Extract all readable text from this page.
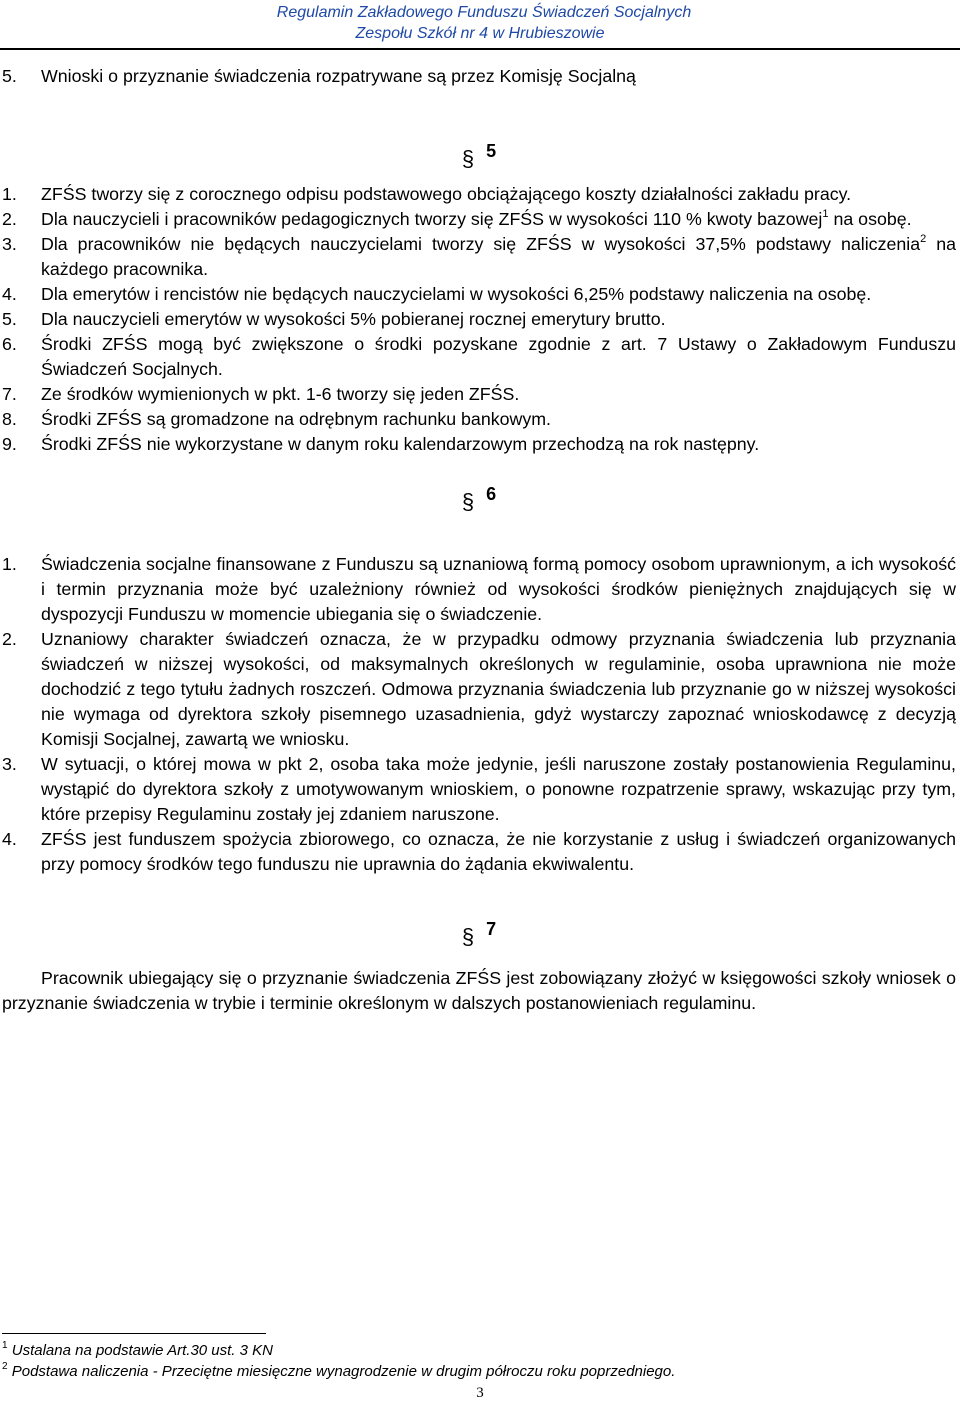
Regulamin Zakładowego Funduszu Świadczeń Socjalnych
Zespołu Szkół nr 4 w Hrubieszowie
5. Wnioski o przyznanie świadczenia rozpatrywane są przez Komisję Socjalną
§ 5
1. ZFŚS tworzy się z corocznego odpisu podstawowego obciążającego koszty działalności zakładu pracy.
2. Dla nauczycieli i pracowników pedagogicznych tworzy się ZFŚS w wysokości 110 % kwoty bazowej$^1$ na osobę.
3. Dla pracowników nie będących nauczycielami tworzy się ZFŚS w wysokości 37,5% podstawy naliczenia$^2$ na każdego pracownika.
4. Dla emerytów i rencistów nie będących nauczycielami w wysokości 6,25% podstawy naliczenia na osobę.
5. Dla nauczycieli emerytów w wysokości 5% pobieranej rocznej emerytury brutto.
6. Środki ZFŚS mogą być zwiększone o środki pozyskane zgodnie z art. 7 Ustawy o Zakładowym Funduszu Świadczeń Socjalnych.
7. Ze środków wymienionych w pkt. 1-6 tworzy się jeden ZFŚS.
8. Środki ZFŚS są gromadzone na odrębnym rachunku bankowym.
9. Środki ZFŚS nie wykorzystane w danym roku kalendarzowym przechodzą na rok następny.
§ 6
1. Świadczenia socjalne finansowane z Funduszu są uznaniową formą pomocy osobom uprawnionym, a ich wysokość i termin przyznania może być uzależniony również od wysokości środków pieniężnych znajdujących się w dyspozycji Funduszu w momencie ubiegania się o świadczenie.
2. Uznaniowy charakter świadczeń oznacza, że w przypadku odmowy przyznania świadczenia lub przyznania świadczeń w niższej wysokości, od maksymalnych określonych w regulaminie, osoba uprawniona nie może dochodzić z tego tytułu żadnych roszczeń. Odmowa przyznania świadczenia lub przyznanie go w niższej wysokości nie wymaga od dyrektora szkoły pisemnego uzasadnienia, gdyż wystarczy zapoznać wnioskodawcę z decyzją Komisji Socjalnej, zawartą we wniosku.
3. W sytuacji, o której mowa w pkt 2, osoba taka może jedynie, jeśli naruszone zostały postanowienia Regulaminu, wystąpić do dyrektora szkoły z umotywowanym wnioskiem, o ponowne rozpatrzenie sprawy, wskazując przy tym, które przepisy Regulaminu zostały jej zdaniem naruszone.
4. ZFŚS jest funduszem spożycia zbiorowego, co oznacza, że nie korzystanie z usług i świadczeń organizowanych przy pomocy środków tego funduszu nie uprawnia do żądania ekwiwalentu.
§ 7
Pracownik ubiegający się o przyznanie świadczenia ZFŚS jest zobowiązany złożyć w księgowości szkoły wniosek o przyznanie świadczenia w trybie i terminie określonym w dalszych postanowieniach regulaminu.
$^1$ Ustalana na podstawie Art.30 ust. 3 KN
$^2$ Podstawa naliczenia - Przeciętne miesięczne wynagrodzenie w drugim półroczu roku poprzedniego.
3
